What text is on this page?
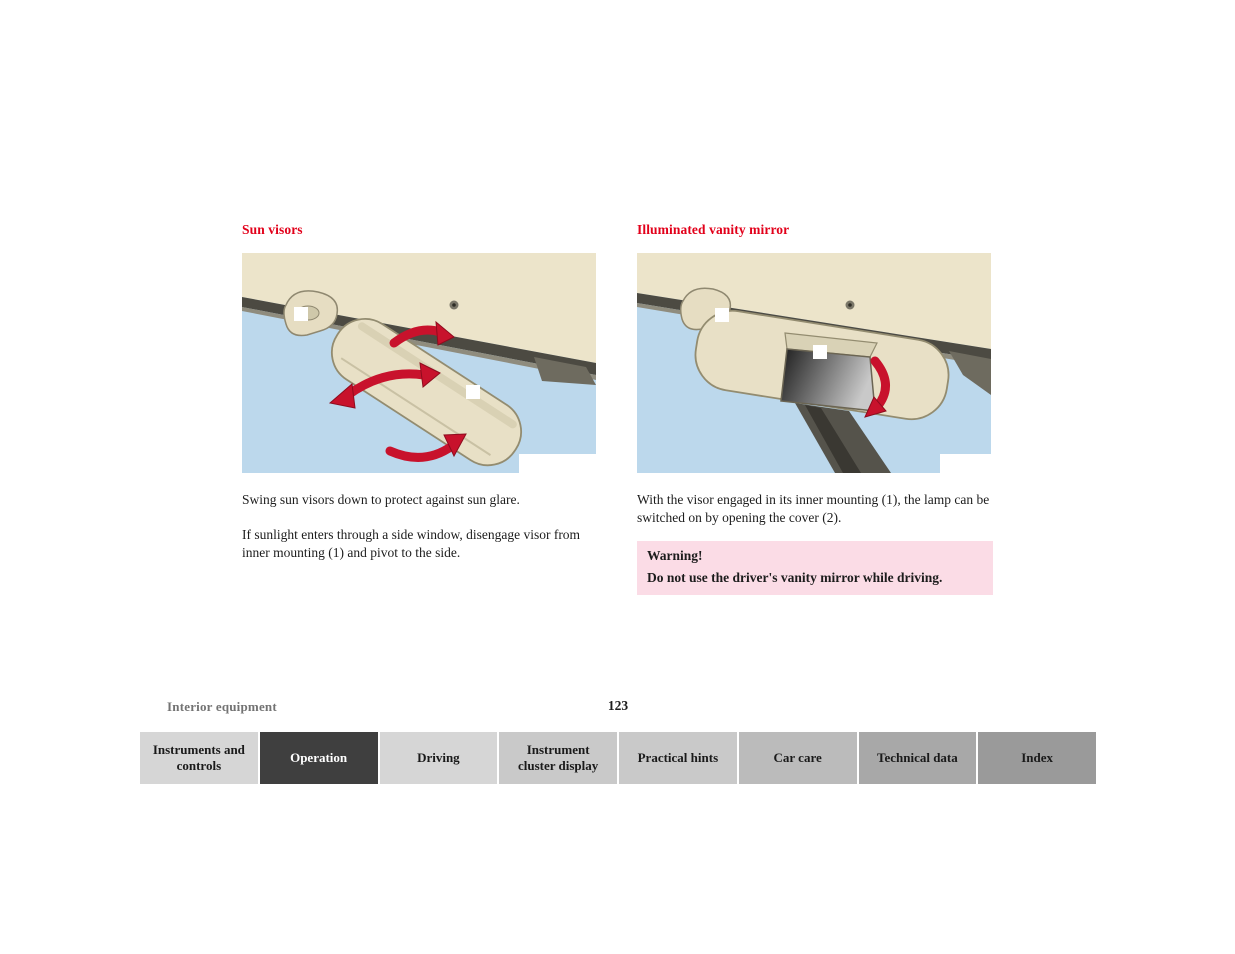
Sun visors

Swing sun visors down to protect against sun glare.

If sunlight enters through a side window, disengage visor from inner mounting (1) and pivot to the side.

Illuminated vanity mirror

With the visor engaged in its inner mounting (1), the lamp can be switched on by opening the cover (2).

Warning!
Do not use the driver's vanity mirror while driving.
Interior equipment	123
Instruments and controls
Operation	Driving
Instrument cluster display
Practical hints	Car care	Technical data	Index
